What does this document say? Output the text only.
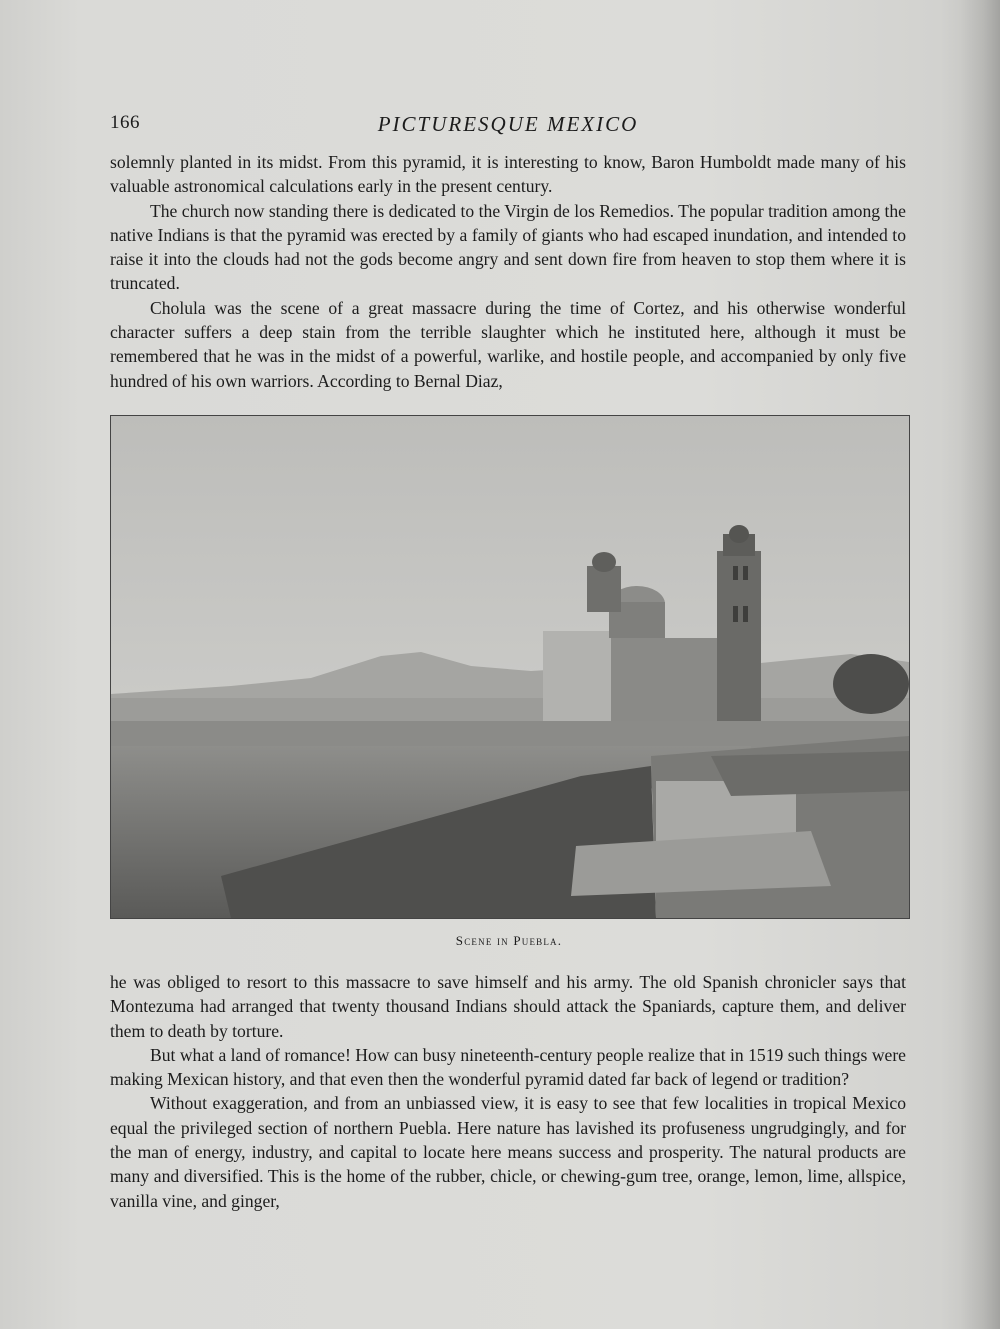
166	PICTURESQUE MEXICO

solemnly planted in its midst. From this pyramid, it is interesting to know, Baron Humboldt made many of his valuable astronomical calculations early in the present century.

The church now standing there is dedicated to the Virgin de los Remedios. The popular tradition among the native Indians is that the pyramid was erected by a family of giants who had escaped inundation, and intended to raise it into the clouds had not the gods become angry and sent down fire from heaven to stop them where it is truncated.

Cholula was the scene of a great massacre during the time of Cortez, and his otherwise wonderful character suffers a deep stain from the terrible slaughter which he instituted here, although it must be remembered that he was in the midst of a powerful, warlike, and hostile people, and accompanied by only five hundred of his own warriors. According to Bernal Diaz,

Scene in Puebla.

he was obliged to resort to this massacre to save himself and his army. The old Spanish chronicler says that Montezuma had arranged that twenty thousand Indians should attack the Spaniards, capture them, and deliver them to death by torture.

But what a land of romance! How can busy nineteenth-century people realize that in 1519 such things were making Mexican history, and that even then the wonderful pyramid dated far back of legend or tradition?

Without exaggeration, and from an unbiassed view, it is easy to see that few localities in tropical Mexico equal the privileged section of northern Puebla. Here nature has lavished its profuseness ungrudgingly, and for the man of energy, industry, and capital to locate here means success and prosperity. The natural products are many and diversified. This is the home of the rubber, chicle, or chewing-gum tree, orange, lemon, lime, allspice, vanilla vine, and ginger,
